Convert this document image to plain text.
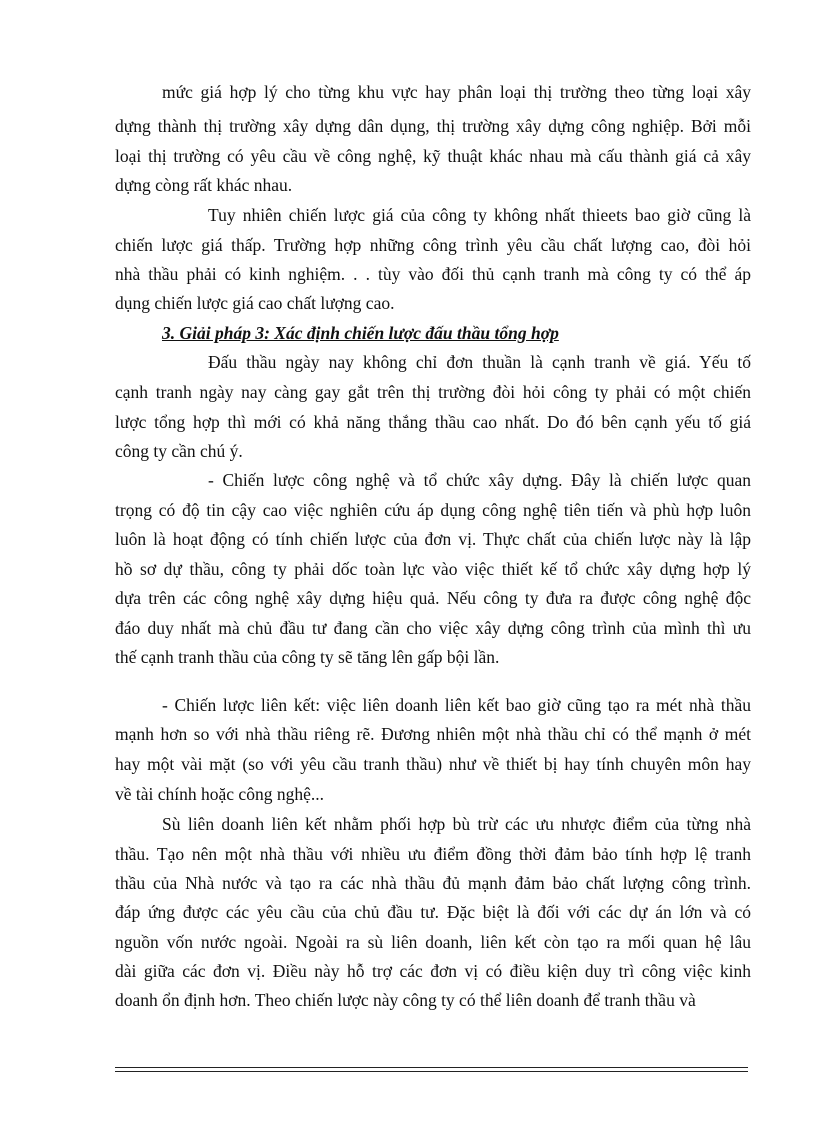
mức giá hợp lý cho từng khu vực hay phân loại thị trường theo từng loại xây
dựng thành thị trường xây dựng dân dụng, thị trường xây dựng công nghiệp. Bởi mỗi
loại thị trường có yêu cầu về công nghệ, kỹ thuật khác nhau mà cấu thành giá cả xây
dựng còng rất khác nhau.
Tuy nhiên chiến lược giá của công ty không nhất thieets bao giờ cũng là
chiến lược giá thấp. Trường hợp những công trình yêu cầu chất lượng cao, đòi hỏi
nhà thầu phải có kinh nghiệm. . . tùy vào đối thủ cạnh tranh mà công ty có thể áp
dụng chiến lược giá cao chất lượng cao.
3. Giải pháp 3: Xác định chiến lược đấu thầu tổng hợp
Đấu thầu ngày nay không chỉ đơn thuần là cạnh tranh về giá. Yếu tố
cạnh tranh ngày nay càng gay gắt trên thị trường đòi hỏi công ty phải có một chiến
lược tổng hợp thì mới có khả năng thắng thầu cao nhất. Do đó bên cạnh yếu tố giá
công ty cần chú ý.
- Chiến lược công nghệ và tổ chức xây dựng. Đây là chiến lược quan
trọng có độ tin cậy cao việc nghiên cứu áp dụng công nghệ tiên tiến và phù hợp luôn
luôn là hoạt động có tính chiến lược của đơn vị. Thực chất của chiến lược này là lập
hồ sơ dự thầu, công ty phải dốc toàn lực vào việc thiết kế tổ chức xây dựng hợp lý
dựa trên các công nghệ xây dựng hiệu quả. Nếu công ty đưa ra được công nghệ độc
đáo duy nhất mà chủ đầu tư đang cần cho việc xây dựng công trình của mình thì ưu
thế cạnh tranh thầu của công ty sẽ tăng lên gấp bội lần.
- Chiến lược liên kết: việc liên doanh liên kết bao giờ cũng tạo ra mét nhà thầu
mạnh hơn so với nhà thầu riêng rẽ. Đương nhiên một nhà thầu chỉ có thể mạnh ở mét
hay một vài mặt (so với yêu cầu tranh thầu) như về thiết bị hay tính chuyên môn hay
về tài chính hoặc công nghệ...
Sù liên doanh liên kết nhằm phối hợp bù trừ các ưu nhược điểm của từng nhà
thầu. Tạo nên một nhà thầu với nhiều ưu điểm đồng thời đảm bảo tính hợp lệ tranh
thầu của Nhà nước và tạo ra các nhà thầu đủ mạnh đảm bảo chất lượng công trình.
đáp ứng được các yêu cầu của chủ đầu tư. Đặc biệt là đối với các dự án lớn và có
nguồn vốn nước ngoài. Ngoài ra sù liên doanh, liên kết còn tạo ra mối quan hệ lâu
dài giữa các đơn vị. Điều này hỗ trợ các đơn vị có điều kiện duy trì công việc kinh
doanh ổn định hơn. Theo chiến lược này công ty có thể liên doanh để tranh thầu và
